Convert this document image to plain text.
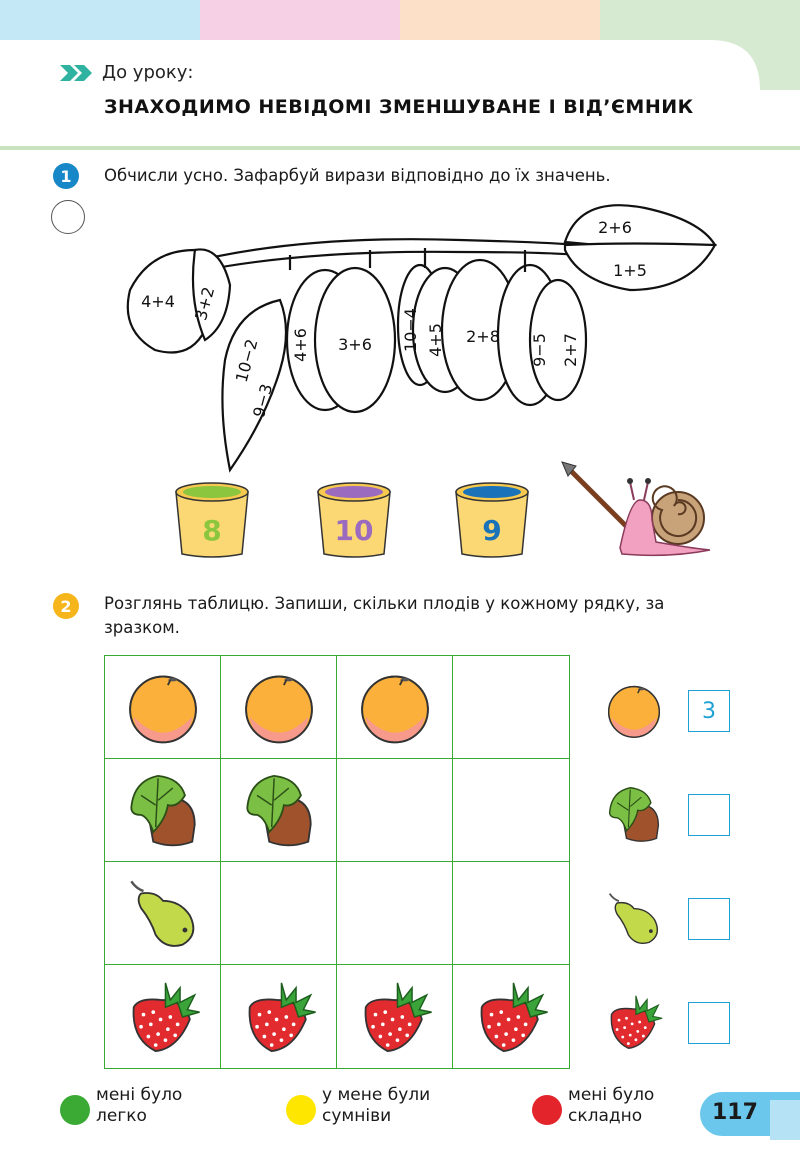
До уроку:
ЗНАХОДИМО НЕВІДОМІ ЗМЕНШУВАНЕ І ВІД’ЄМНИК
1	Обчисли усно. Зафарбуй вирази відповідно до їх значень.
2+6
1+5
4+4 3+2
10−2
9−3
4+6 3+6 10−4 4+5 2+8 9−5 2+7
8	10	9
2	Розглянь таблицю. Запиши, скільки плодів у кожному рядку, за зразком.
3
мені було
легко
у мене були
сумніви
мені було
складно	117
